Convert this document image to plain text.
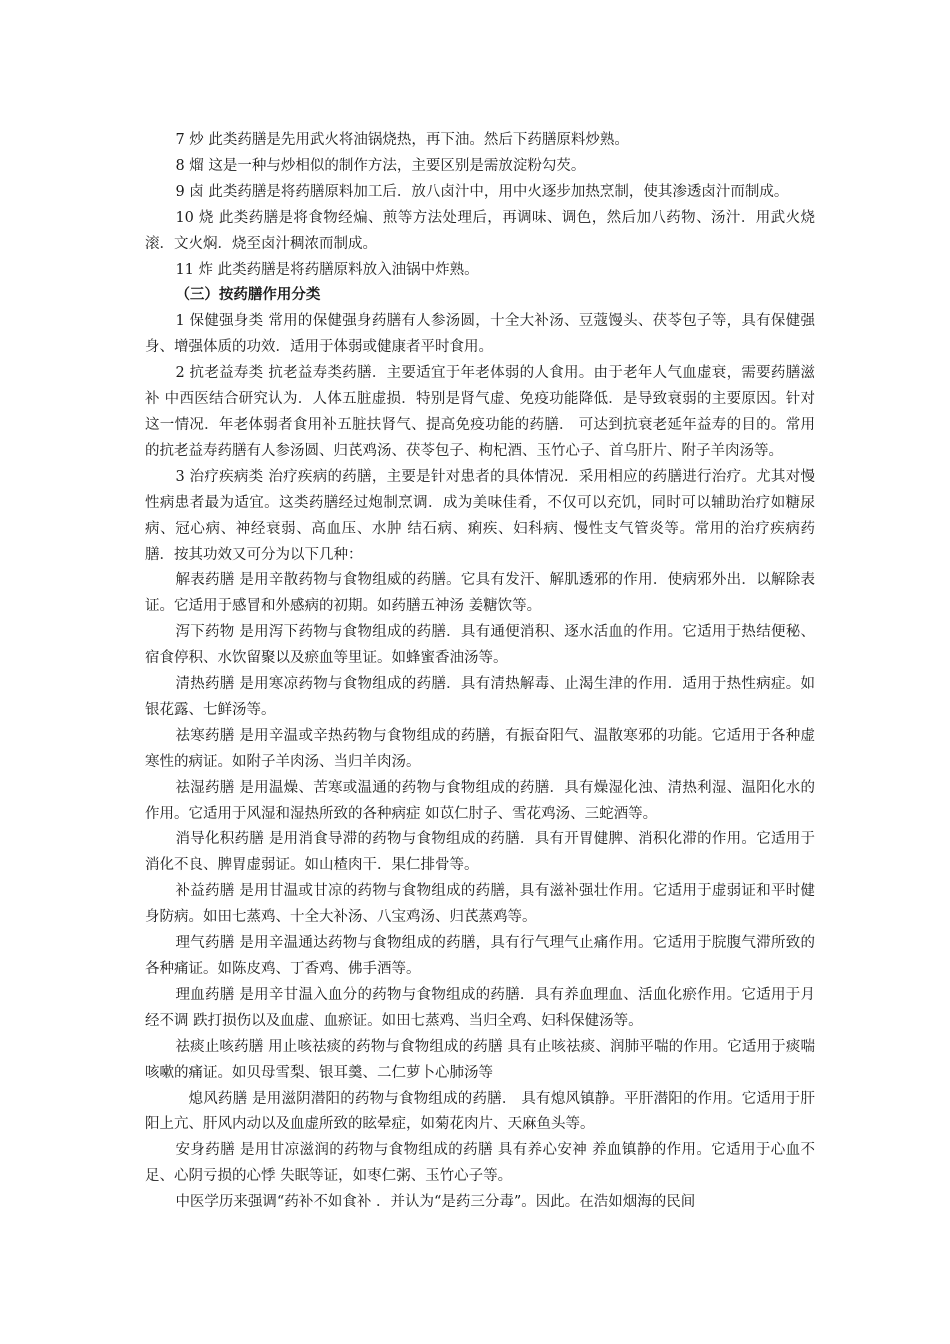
7 炒 此类药膳是先用武火将油锅烧热，再下油。然后下药膳原料炒熟。

8 熘 这是一种与炒相似的制作方法，主要区别是需放淀粉勾芡。

9 卤 此类药膳是将药膳原料加工后．放八卤汁中，用中火逐步加热烹制，使其渗透卤汁而制成。

10 烧 此类药膳是将食物经煸、煎等方法处理后，再调味、调色，然后加八药物、汤汁．用武火烧滚．文火焖．烧至卤汁稠浓而制成。

11 炸 此类药膳是将药膳原料放入油锅中炸熟。

（三）按药膳作用分类

1 保健强身类 常用的保健强身药膳有人参汤圆，十全大补汤、豆蔻馒头、茯苓包子等，具有保健强身、增强体质的功效．适用于体弱或健康者平时食用。

2 抗老益寿类 抗老益寿类药膳．主要适宜于年老体弱的人食用。由于老年人气血虚衰，需要药膳滋补 中西医结合研究认为．人体五脏虚损．特别是肾气虚、免疫功能降低．是导致衰弱的主要原因。针对这一情况．年老体弱者食用补五脏扶肾气、提高免疫功能的药膳． 可达到抗衰老延年益寿的目的。常用的抗老益寿药膳有人参汤圆、归芪鸡汤、茯苓包子、枸杞酒、玉竹心子、首乌肝片、附子羊肉汤等。

3 治疗疾病类 治疗疾病的药膳，主要是针对患者的具体情况．采用相应的药膳进行治疗。尤其对慢性病患者最为适宜。这类药膳经过炮制烹调．成为美味佳肴，不仅可以充饥，同时可以辅助治疗如糖尿病、冠心病、神经衰弱、高血压、水肿 结石病、痢疾、妇科病、慢性支气管炎等。常用的治疗疾病药膳．按其功效又可分为以下几种：

解表药膳 是用辛散药物与食物组威的药膳。它具有发汗、解肌透邪的作用．使病邪外出．以解除表证。它适用于感冒和外感病的初期。如药膳五神汤 姜糖饮等。

泻下药物 是用泻下药物与食物组成的药膳．具有通便消积、逐水活血的作用。它适用于热结便秘、宿食停积、水饮留聚以及瘀血等里证。如蜂蜜香油汤等。

清热药膳 是用寒凉药物与食物组成的药膳．具有清热解毒、止渴生津的作用．适用于热性病症。如银花露、七鲜汤等。

祛寒药膳 是用辛温或辛热药物与食物组成的药膳，有振奋阳气、温散寒邪的功能。它适用于各种虚寒性的病证。如附子羊肉汤、当归羊肉汤。

祛湿药膳 是用温燥、苦寒或温通的药物与食物组成的药膳．具有燥湿化浊、清热利湿、温阳化水的作用。它适用于风湿和湿热所致的各种病症 如苡仁肘子、雪花鸡汤、三蛇酒等。

消导化积药膳 是用消食导滞的药物与食物组成的药膳．具有开胃健脾、消积化滞的作用。它适用于消化不良、脾胃虚弱证。如山楂肉干．果仁排骨等。

补益药膳 是用甘温或甘凉的药物与食物组成的药膳，具有滋补强壮作用。它适用于虚弱证和平时健身防病。如田七蒸鸡、十全大补汤、八宝鸡汤、归芪蒸鸡等。

理气药膳 是用辛温通达药物与食物组成的药膳，具有行气理气止痛作用。它适用于脘腹气滞所致的各种痛证。如陈皮鸡、丁香鸡、佛手酒等。

理血药膳 是用辛甘温入血分的药物与食物组成的药膳．具有养血理血、活血化瘀作用。它适用于月经不调 跌打损伤以及血虚、血瘀证。如田七蒸鸡、当归全鸡、妇科保健汤等。

祛痰止咳药膳 用止咳祛痰的药物与食物组成的药膳 具有止咳祛痰、润肺平喘的作用。它适用于痰喘咳嗽的痛证。如贝母雪梨、银耳羹、二仁萝卜心肺汤等

熄风药膳 是用滋阴潜阳的药物与食物组成的药膳． 具有熄风镇静。平肝潜阳的作用。它适用于肝阳上亢、肝风内动以及血虚所致的眩晕症，如菊花肉片、天麻鱼头等。

安身药膳 是用甘凉滋润的药物与食物组成的药膳 具有养心安神 养血镇静的作用。它适用于心血不足、心阴亏损的心悸 失眠等证，如枣仁粥、玉竹心子等。

中医学历来强调“药补不如食补 ．并认为“是药三分毒”。因此。在浩如烟海的民间
